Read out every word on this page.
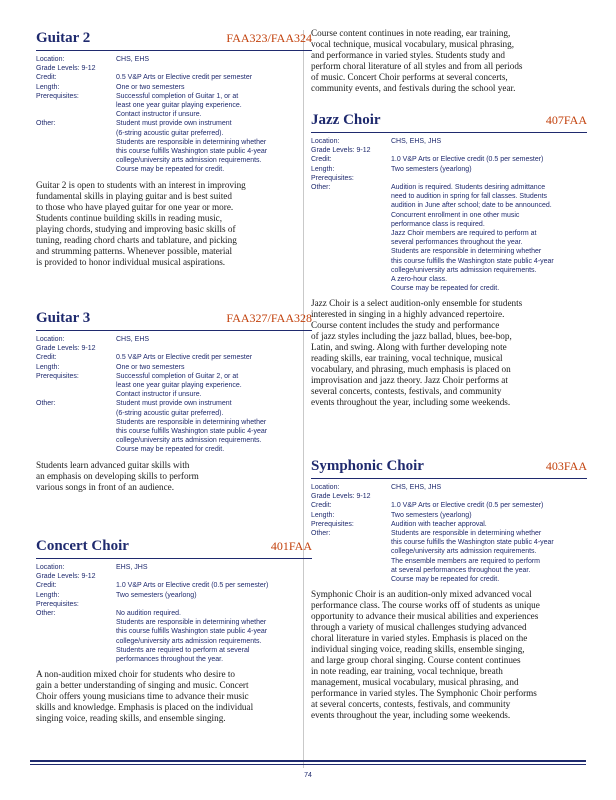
Guitar 2	FAA323/FAA324
Location:	CHS, EHS
Grade Levels: 9-12
Credit:	0.5 V&P Arts or Elective credit per semester
Length:	One or two semesters
Prerequisites:	Successful completion of Guitar 1, or at
least one year guitar playing experience.
Contact instructor if unsure.
Other:	Student must provide own instrument
(6-string acoustic guitar preferred).
Students are responsible in determining whether
this course fulfills Washington state public 4-year
college/university arts admission requirements.
Course may be repeated for credit.
Guitar 2 is open to students with an interest in improving
fundamental skills in playing guitar and is best suited
to those who have played guitar for one year or more.
Students continue building skills in reading music,
playing chords, studying and improving basic skills of
tuning, reading chord charts and tablature, and picking
and strumming patterns. Whenever possible, material
is provided to honor individual musical aspirations.
Guitar 3	FAA327/FAA328
Location:	CHS, EHS
Grade Levels: 9-12
Credit:	0.5 V&P Arts or Elective credit per semester
Length:	One or two semesters
Prerequisites:	Successful completion of Guitar 2, or at
least one year guitar playing experience.
Contact instructor if unsure.
Other:	Student must provide own instrument
(6-string acoustic guitar preferred).
Students are responsible in determining whether
this course fulfills Washington state public 4-year
college/university arts admission requirements.
Course may be repeated for credit.
Students learn advanced guitar skills with
an emphasis on developing skills to perform
various songs in front of an audience.
Concert Choir	401FAA
Location:	EHS, JHS
Grade Levels: 9-12
Credit:	1.0 V&P Arts or Elective credit (0.5 per semester)
Length:	Two semesters (yearlong)
Prerequisites:
Other:	No audition required.
Students are responsible in determining whether
this course fulfills Washington state public 4-year
college/university arts admission requirements.
Students are required to perform at several
performances throughout the year.
A non-audition mixed choir for students who desire to
gain a better understanding of singing and music. Concert
Choir offers young musicians time to advance their music
skills and knowledge. Emphasis is placed on the individual
singing voice, reading skills, and ensemble singing.
Course content continues in note reading, ear training,
vocal technique, musical vocabulary, musical phrasing,
and performance in varied styles. Students study and
perform choral literature of all styles and from all periods
of music. Concert Choir performs at several concerts,
community events, and festivals during the school year.
Jazz Choir	407FAA
Location:	CHS, EHS, JHS
Grade Levels: 9-12
Credit:	1.0 V&P Arts or Elective credit (0.5 per semester)
Length:	Two semesters (yearlong)
Prerequisites:
Other:	Audition is required. Students desiring admittance
need to audition in spring for fall classes. Students
audition in June after school; date to be announced.
Concurrent enrollment in one other music
performance class is required.
Jazz Choir members are required to perform at
several performances throughout the year.
Students are responsible in determining whether
this course fulfills the Washington state public 4-year
college/university arts admission requirements.
A zero-hour class.
Course may be repeated for credit.
Jazz Choir is a select audition-only ensemble for students
interested in singing in a highly advanced repertoire.
Course content includes the study and performance
of jazz styles including the jazz ballad, blues, bee-bop,
Latin, and swing. Along with further developing note
reading skills, ear training, vocal technique, musical
vocabulary, and phrasing, much emphasis is placed on
improvisation and jazz theory. Jazz Choir performs at
several concerts, contests, festivals, and community
events throughout the year, including some weekends.
Symphonic Choir	403FAA
Location:	CHS, EHS, JHS
Grade Levels: 9-12
Credit:	1.0 V&P Arts or Elective credit (0.5 per semester)
Length:	Two semesters (yearlong)
Prerequisites:	Audition with teacher approval.
Other:	Students are responsible in determining whether
this course fulfills the Washington state public 4-year
college/university arts admission requirements.
The ensemble members are required to perform
at several performances throughout the year.
Course may be repeated for credit.
Symphonic Choir is an audition-only mixed advanced vocal
performance class. The course works off of students as unique
opportunity to advance their musical abilities and experiences
through a variety of musical challenges studying advanced
choral literature in varied styles. Emphasis is placed on the
individual singing voice, reading skills, ensemble singing,
and large group choral singing. Course content continues
in note reading, ear training, vocal technique, breath
management, musical vocabulary, musical phrasing, and
performance in varied styles. The Symphonic Choir performs
at several concerts, contests, festivals, and community
events throughout the year, including some weekends.
74
